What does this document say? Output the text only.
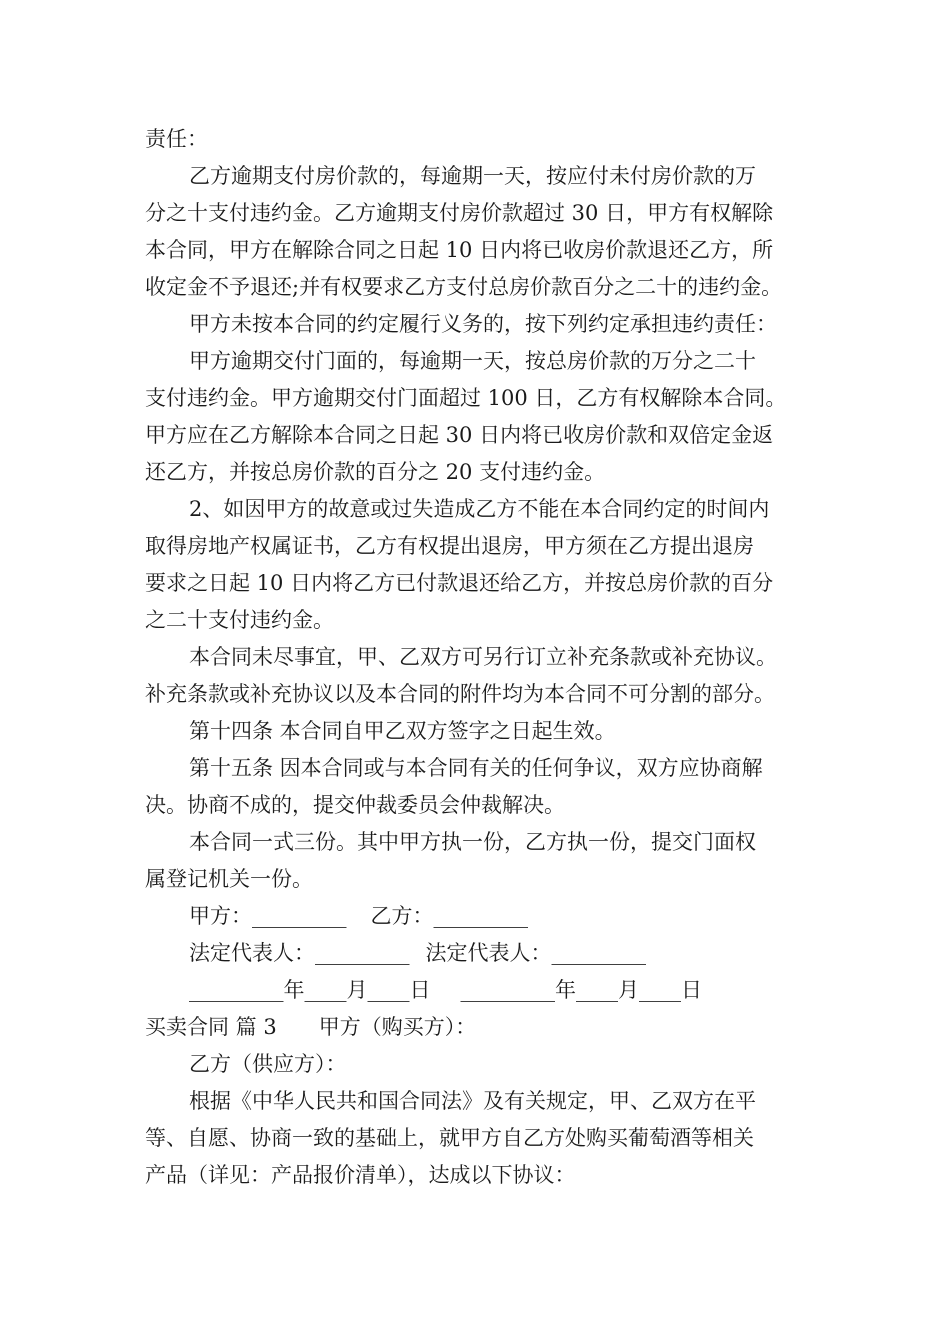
责任：

乙方逾期支付房价款的，每逾期一天，按应付未付房价款的万

分之十支付违约金。乙方逾期支付房价款超过 30 日，甲方有权解除

本合同，甲方在解除合同之日起 10 日内将已收房价款退还乙方，所

收定金不予退还;并有权要求乙方支付总房价款百分之二十的违约金。

甲方未按本合同的约定履行义务的，按下列约定承担违约责任：

甲方逾期交付门面的，每逾期一天，按总房价款的万分之二十

支付违约金。甲方逾期交付门面超过 100 日，乙方有权解除本合同。

甲方应在乙方解除本合同之日起 30 日内将已收房价款和双倍定金返

还乙方，并按总房价款的百分之 20 支付违约金。

2、如因甲方的故意或过失造成乙方不能在本合同约定的时间内

取得房地产权属证书，乙方有权提出退房，甲方须在乙方提出退房

要求之日起 10 日内将乙方已付款退还给乙方，并按总房价款的百分

之二十支付违约金。

本合同未尽事宜，甲、乙双方可另行订立补充条款或补充协议。

补充条款或补充协议以及本合同的附件均为本合同不可分割的部分。

第十四条 本合同自甲乙双方签字之日起生效。

第十五条 因本合同或与本合同有关的任何争议，双方应协商解

决。协商不成的，提交仲裁委员会仲裁解决。

本合同一式三份。其中甲方执一份，乙方执一份，提交门面权

属登记机关一份。

甲方：_________ 乙方：_________
法定代表人：_________ 法定代表人：_________
_________年____月____日 _________年____月____日

买卖合同 篇 3 甲方（购买方）：

乙方（供应方）：

根据《中华人民共和国合同法》及有关规定，甲、乙双方在平

等、自愿、协商一致的基础上，就甲方自乙方处购买葡萄酒等相关

产品（详见：产品报价清单），达成以下协议：
